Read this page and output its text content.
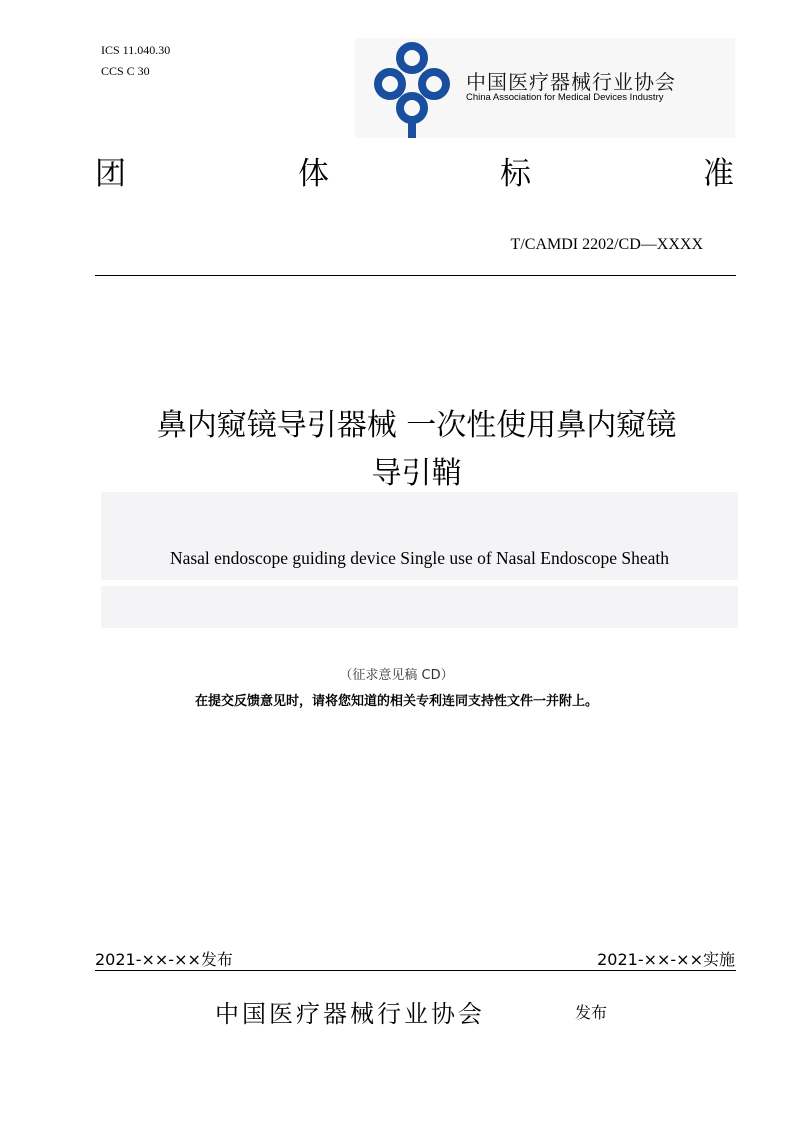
ICS 11.040.30
CCS C 30	中国医疗器械行业协会
China Association for Medical Devices Industry
团	体	标	准
T/CAMDI 2202/CD—XXXX
鼻内窥镜导引器械 一次性使用鼻内窥镜
导引鞘
Nasal endoscope guiding device Single use of Nasal Endoscope Sheath
（征求意见稿 CD）
在提交反馈意见时，请将您知道的相关专利连同支持性文件一并附上。
2021-××-××发布	2021-××-××实施
中国医疗器械行业协会	发布
